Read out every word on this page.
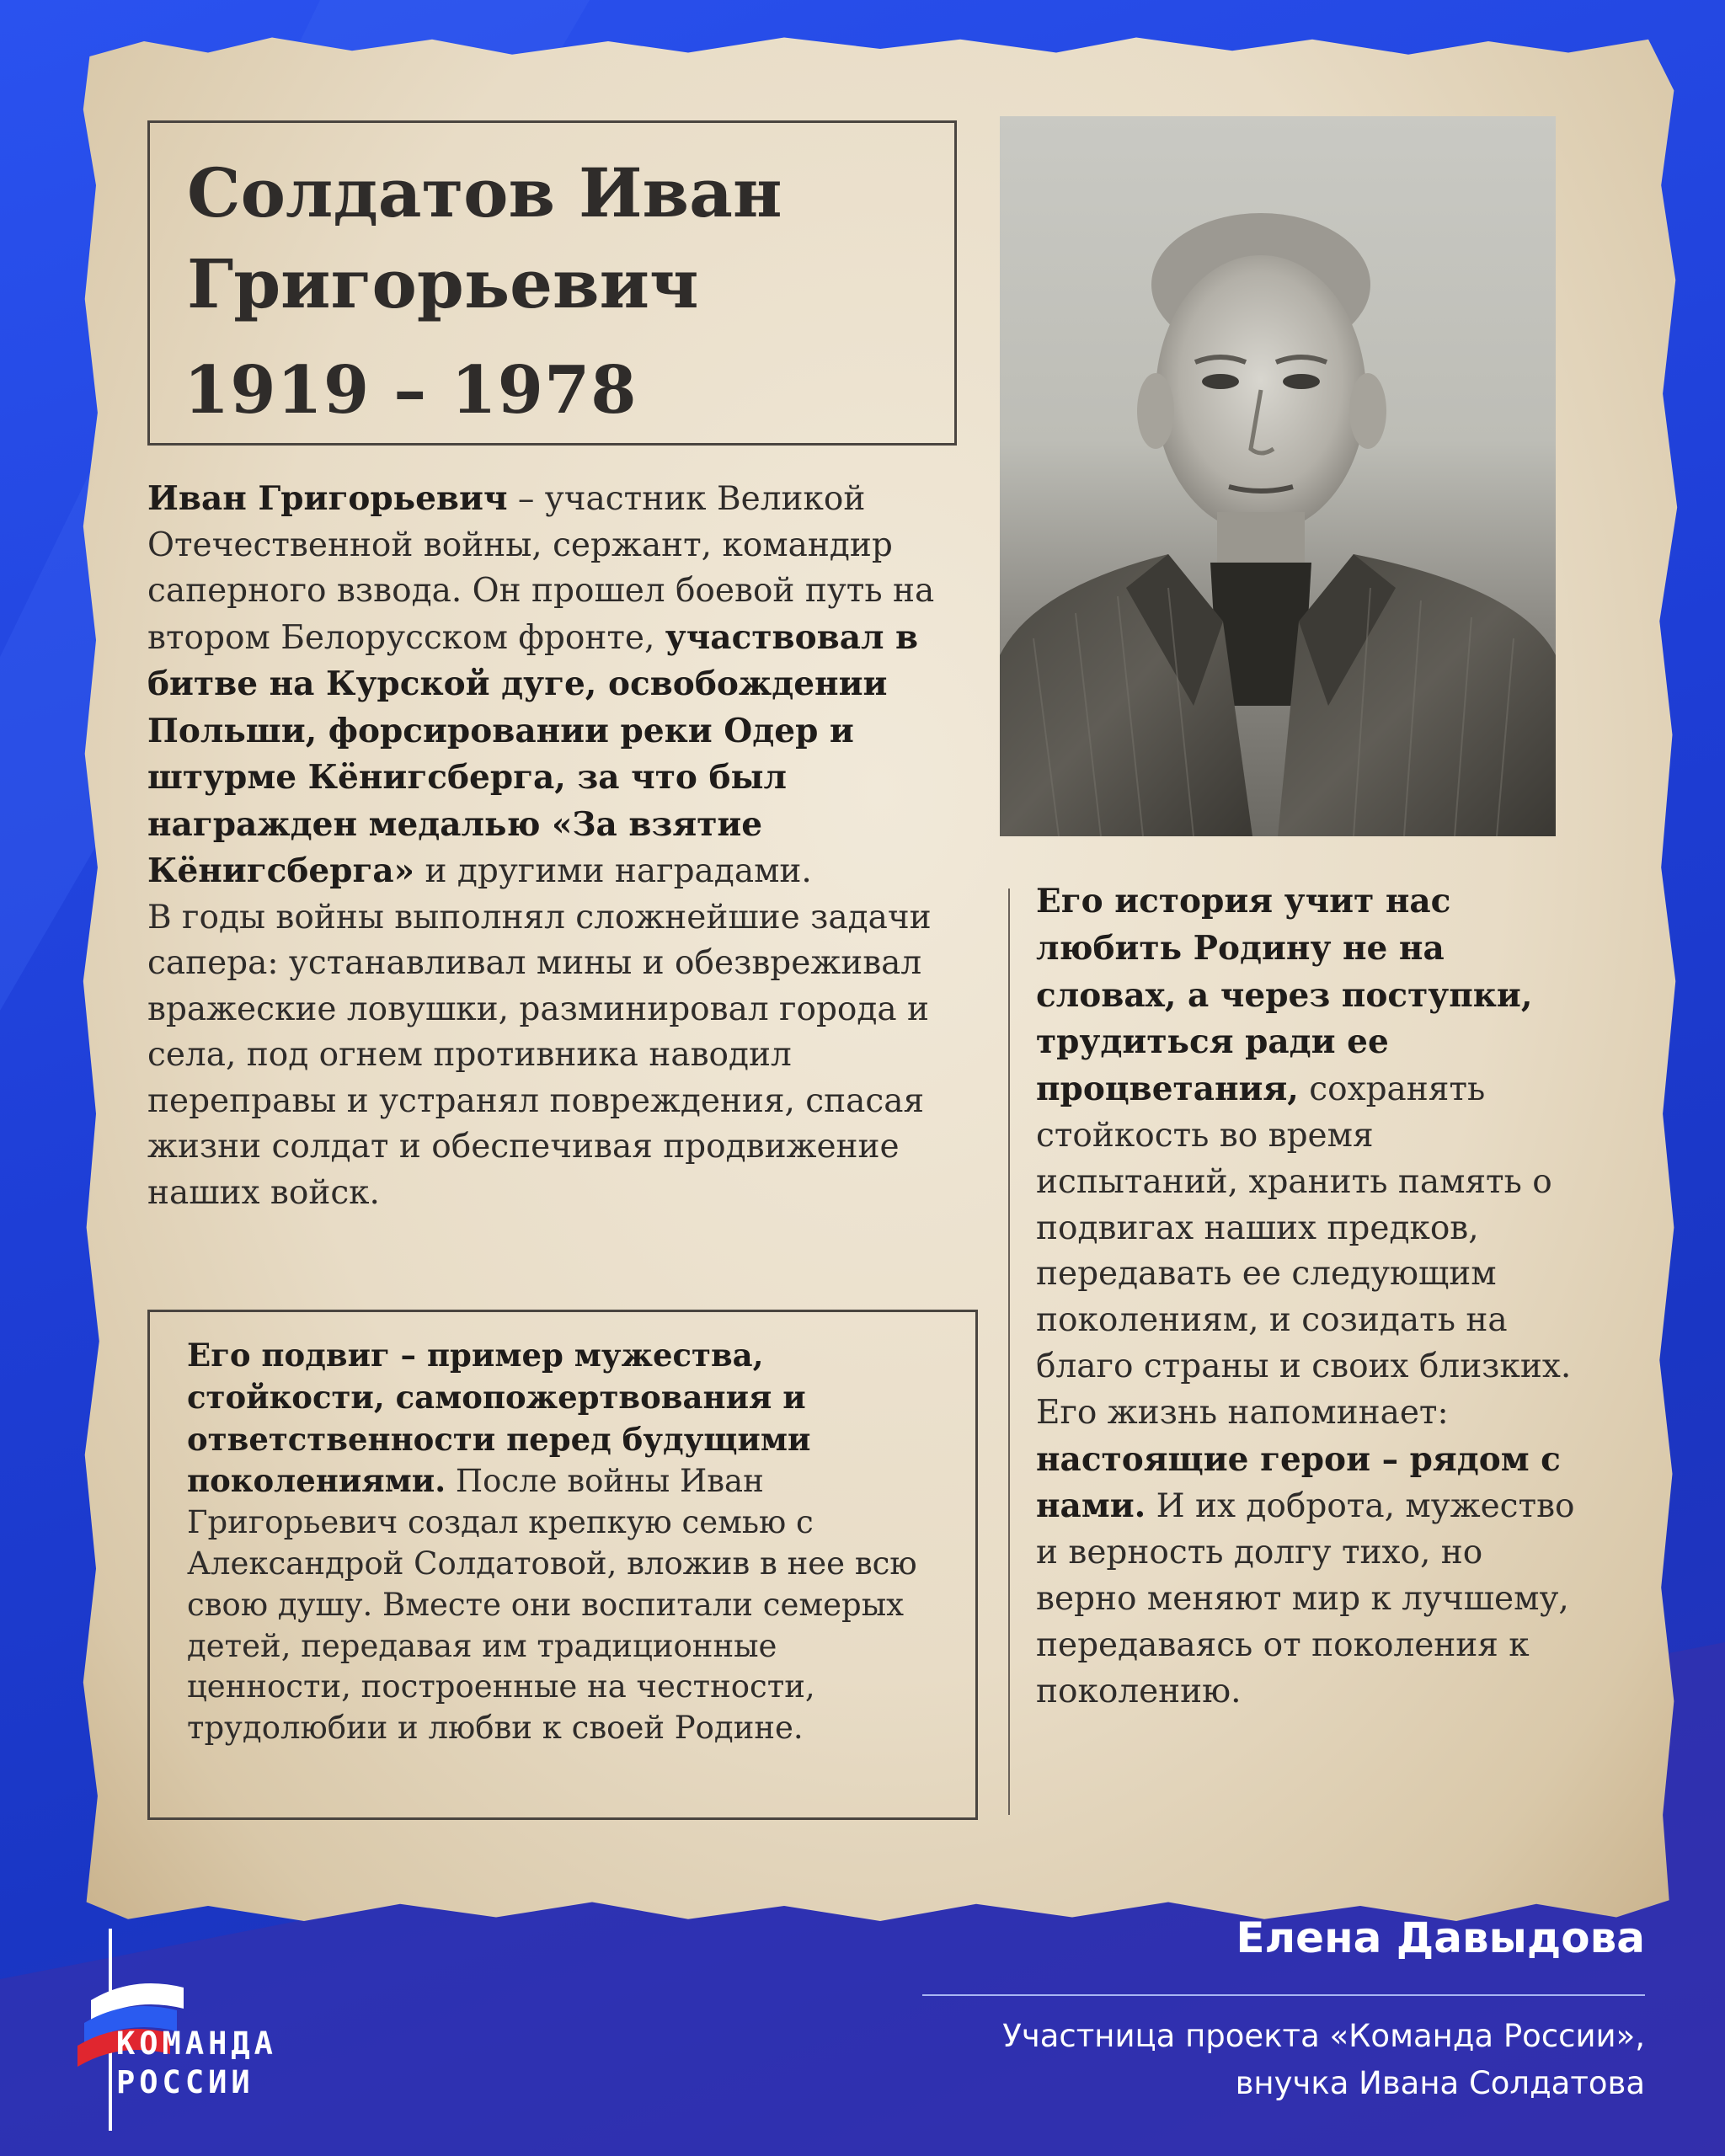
Солдатов Иван Григорьевич
1919 – 1978
Иван Григорьевич – участник Великой Отечественной войны, сержант, командир саперного взвода. Он прошел боевой путь на втором Белорусском фронте, участвовал в битве на Курской дуге, освобождении Польши, форсировании реки Одер и штурме Кёнигсберга, за что был награжден медалью «За взятие Кёнигсберга» и другими наградами.
В годы войны выполнял сложнейшие задачи сапера: устанавливал мины и обезвреживал вражеские ловушки, разминировал города и села, под огнем противника наводил переправы и устранял повреждения, спасая жизни солдат и обеспечивая продвижение наших войск.
Его подвиг – пример мужества, стойкости, самопожертвования и ответственности перед будущими поколениями. После войны Иван Григорьевич создал крепкую семью с Александрой Солдатовой, вложив в нее всю свою душу. Вместе они воспитали семерых детей, передавая им традиционные ценности, построенные на честности, трудолюбии и любви к своей Родине.
Его история учит нас любить Родину не на словах, а через поступки, трудиться ради ее процветания, сохранять стойкость во время испытаний, хранить память о подвигах наших предков, передавать ее следующим поколениям, и созидать на благо страны и своих близких.
Его жизнь напоминает: настоящие герои – рядом с нами. И их доброта, мужество и верность долгу тихо, но верно меняют мир к лучшему, передаваясь от поколения к поколению.
КОМАНДА
РОССИИ
Елена Давыдова
Участница проекта «Команда России»,
внучка Ивана Солдатова
